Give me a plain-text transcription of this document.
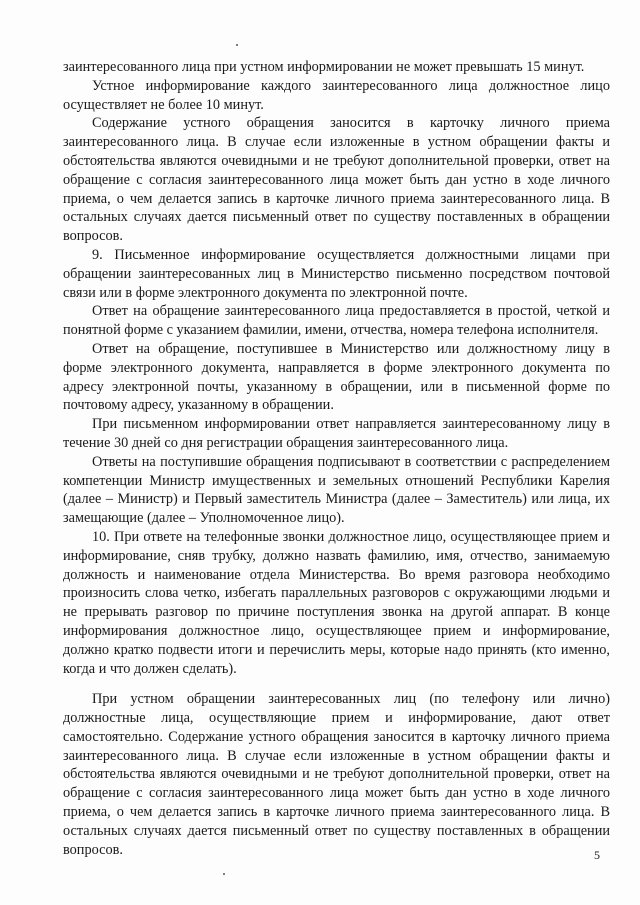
заинтересованного лица при устном информировании не может превышать 15 минут.

Устное информирование каждого заинтересованного лица должностное лицо осуществляет не более 10 минут.

Содержание устного обращения заносится в карточку личного приема заинтересованного лица. В случае если изложенные в устном обращении факты и обстоятельства являются очевидными и не требуют дополнительной проверки, ответ на обращение с согласия заинтересованного лица может быть дан устно в ходе личного приема, о чем делается запись в карточке личного приема заинтересованного лица. В остальных случаях дается письменный ответ по существу поставленных в обращении вопросов.

9. Письменное информирование осуществляется должностными лицами при обращении заинтересованных лиц в Министерство письменно посредством почтовой связи или в форме электронного документа по электронной почте.

Ответ на обращение заинтересованного лица предоставляется в простой, четкой и понятной форме с указанием фамилии, имени, отчества, номера телефона исполнителя.

Ответ на обращение, поступившее в Министерство или должностному лицу в форме электронного документа, направляется в форме электронного документа по адресу электронной почты, указанному в обращении, или в письменной форме по почтовому адресу, указанному в обращении.

При письменном информировании ответ направляется заинтересованному лицу в течение 30 дней со дня регистрации обращения заинтересованного лица.

Ответы на поступившие обращения подписывают в соответствии с распределением компетенции Министр имущественных и земельных отношений Республики Карелия (далее – Министр) и Первый заместитель Министра (далее – Заместитель) или лица, их замещающие (далее – Уполномоченное лицо).

10. При ответе на телефонные звонки должностное лицо, осуществляющее прием и информирование, сняв трубку, должно назвать фамилию, имя, отчество, занимаемую должность и наименование отдела Министерства. Во время разговора необходимо произносить слова четко, избегать параллельных разговоров с окружающими людьми и не прерывать разговор по причине поступления звонка на другой аппарат. В конце информирования должностное лицо, осуществляющее прием и информирование, должно кратко подвести итоги и перечислить меры, которые надо принять (кто именно, когда и что должен сделать).

При устном обращении заинтересованных лиц (по телефону или лично) должностные лица, осуществляющие прием и информирование, дают ответ самостоятельно. Содержание устного обращения заносится в карточку личного приема заинтересованного лица. В случае если изложенные в устном обращении факты и обстоятельства являются очевидными и не требуют дополнительной проверки, ответ на обращение с согласия заинтересованного лица может быть дан устно в ходе личного приема, о чем делается запись в карточке личного приема заинтересованного лица. В остальных случаях дается письменный ответ по существу поставленных в обращении вопросов.	5
